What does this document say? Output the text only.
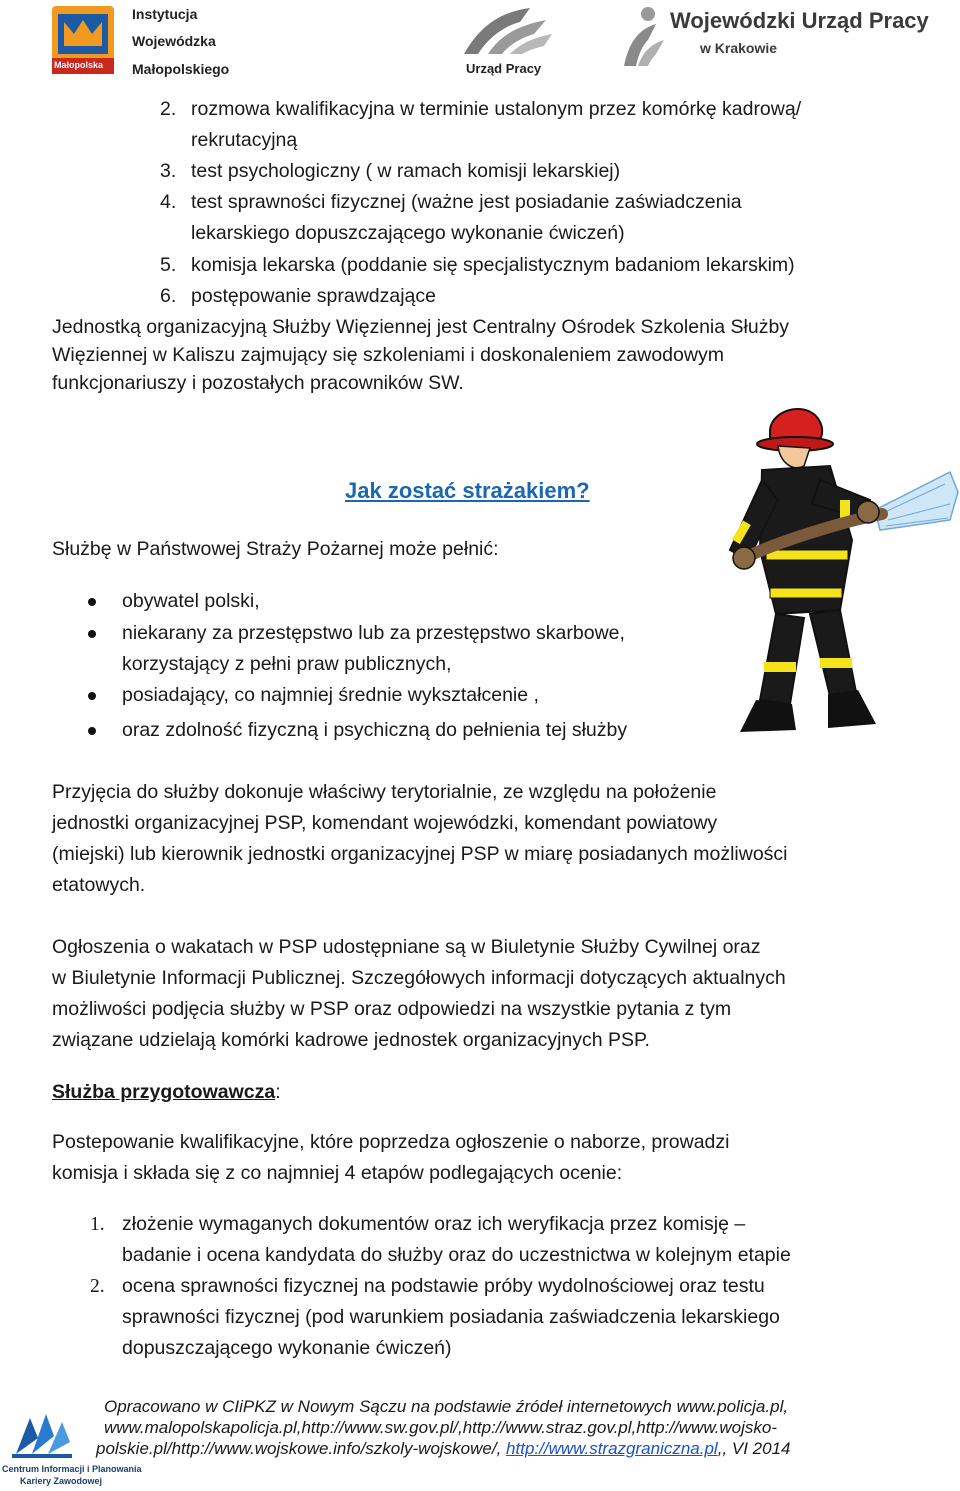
Małopolska
Instytucja
Wojewódzka
Małopolskiego	Urząd Pracy
Wojewódzki Urząd Pracy
w Krakowie
2. rozmowa kwalifikacyjna w terminie ustalonym przez komórkę kadrową/
rekrutacyjną
3. test psychologiczny ( w ramach komisji lekarskiej)
4. test sprawności fizycznej (ważne jest posiadanie zaświadczenia
lekarskiego dopuszczającego wykonanie ćwiczeń)
5. komisja lekarska (poddanie się specjalistycznym badaniom lekarskim)
6. postępowanie sprawdzające
Jednostką organizacyjną Służby Więziennej jest Centralny Ośrodek Szkolenia Służby
Więziennej w Kaliszu zajmujący się szkoleniami i doskonaleniem zawodowym
funkcjonariuszy i pozostałych pracowników SW.
Jak zostać strażakiem?
Służbę w Państwowej Straży Pożarnej może pełnić:
obywatel polski,
niekarany za przestępstwo lub za przestępstwo skarbowe,
korzystający z pełni praw publicznych,
posiadający, co najmniej średnie wykształcenie ,
oraz zdolność fizyczną i psychiczną do pełnienia tej służby
Przyjęcia do służby dokonuje właściwy terytorialnie, ze względu na położenie
jednostki organizacyjnej PSP, komendant wojewódzki, komendant powiatowy
(miejski) lub kierownik jednostki organizacyjnej PSP w miarę posiadanych możliwości
etatowych.
Ogłoszenia o wakatach w PSP udostępniane są w Biuletynie Służby Cywilnej oraz
w Biuletynie Informacji Publicznej. Szczegółowych informacji dotyczących aktualnych
możliwości podjęcia służby w PSP oraz odpowiedzi na wszystkie pytania z tym
związane udzielają komórki kadrowe jednostek organizacyjnych PSP.
Służba przygotowawcza:
Postepowanie kwalifikacyjne, które poprzedza ogłoszenie o naborze, prowadzi
komisja i składa się z co najmniej 4 etapów podlegających ocenie:
1. złożenie wymaganych dokumentów oraz ich weryfikacja przez komisję –
badanie i ocena kandydata do służby oraz do uczestnictwa w kolejnym etapie
2. ocena sprawności fizycznej na podstawie próby wydolnościowej oraz testu
sprawności fizycznej (pod warunkiem posiadania zaświadczenia lekarskiego
dopuszczającego wykonanie ćwiczeń)
Centrum Informacji i Planowania
Kariery Zawodowej
Opracowano w CIiPKZ w Nowym Sączu na podstawie źródeł internetowych www.policja.pl,
www.malopolskapolicja.pl,http://www.sw.gov.pl/,http://www.straz.gov.pl,http://www.wojsko-
polskie.pl/http://www.wojskowe.info/szkoly-wojskowe/, http://www.strazgraniczna.pl,, VI 2014
